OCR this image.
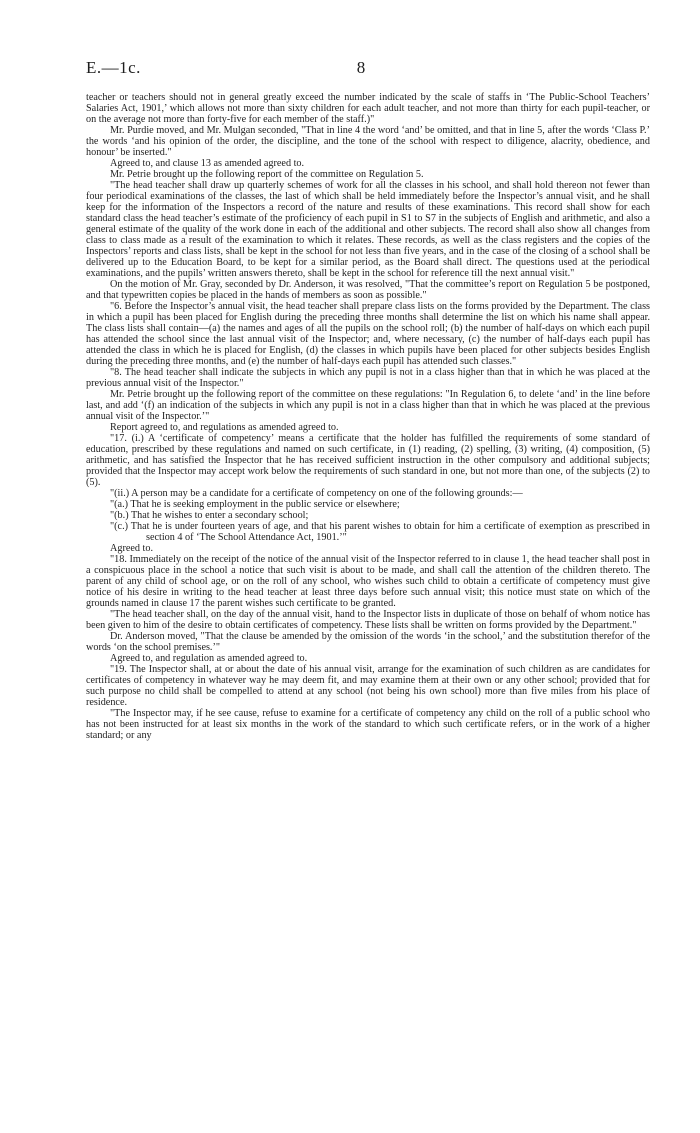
E.—1c.	8

teacher or teachers should not in general greatly exceed the number indicated by the scale of staffs in ‘The Public-School Teachers’ Salaries Act, 1901,’ which allows not more than sixty children for each adult teacher, and not more than thirty for each pupil-teacher, or on the average not more than forty-five for each member of the staff.)"

Mr. Purdie moved, and Mr. Mulgan seconded, "That in line 4 the word ‘and’ be omitted, and that in line 5, after the words ‘Class P.’ the words ‘and his opinion of the order, the discipline, and the tone of the school with respect to diligence, alacrity, obedience, and honour’ be inserted."

Agreed to, and clause 13 as amended agreed to.

Mr. Petrie brought up the following report of the committee on Regulation 5.

"The head teacher shall draw up quarterly schemes of work for all the classes in his school, and shall hold thereon not fewer than four periodical examinations of the classes, the last of which shall be held immediately before the Inspector’s annual visit, and he shall keep for the information of the Inspectors a record of the nature and results of these examinations. This record shall show for each standard class the head teacher’s estimate of the proficiency of each pupil in S1 to S7 in the subjects of English and arithmetic, and also a general estimate of the quality of the work done in each of the additional and other subjects. The record shall also show all changes from class to class made as a result of the examination to which it relates. These records, as well as the class registers and the copies of the Inspectors’ reports and class lists, shall be kept in the school for not less than five years, and in the case of the closing of a school shall be delivered up to the Education Board, to be kept for a similar period, as the Board shall direct. The questions used at the periodical examinations, and the pupils’ written answers thereto, shall be kept in the school for reference till the next annual visit."

On the motion of Mr. Gray, seconded by Dr. Anderson, it was resolved, "That the committee’s report on Regulation 5 be postponed, and that typewritten copies be placed in the hands of members as soon as possible."

"6. Before the Inspector’s annual visit, the head teacher shall prepare class lists on the forms provided by the Department. The class in which a pupil has been placed for English during the preceding three months shall determine the list on which his name shall appear. The class lists shall contain—(a) the names and ages of all the pupils on the school roll; (b) the number of half-days on which each pupil has attended the school since the last annual visit of the Inspector; and, where necessary, (c) the number of half-days each pupil has attended the class in which he is placed for English, (d) the classes in which pupils have been placed for other subjects besides English during the preceding three months, and (e) the number of half-days each pupil has attended such classes."

"8. The head teacher shall indicate the subjects in which any pupil is not in a class higher than that in which he was placed at the previous annual visit of the Inspector."

Mr. Petrie brought up the following report of the committee on these regulations: "In Regulation 6, to delete ‘and’ in the line before last, and add ‘(f) an indication of the subjects in which any pupil is not in a class higher than that in which he was placed at the previous annual visit of the Inspector.’"

Report agreed to, and regulations as amended agreed to.

"17. (i.) A ‘certificate of competency’ means a certificate that the holder has fulfilled the requirements of some standard of education, prescribed by these regulations and named on such certificate, in (1) reading, (2) spelling, (3) writing, (4) composition, (5) arithmetic, and has satisfied the Inspector that he has received sufficient instruction in the other compulsory and additional subjects; provided that the Inspector may accept work below the requirements of such standard in one, but not more than one, of the subjects (2) to (5).

"(ii.) A person may be a candidate for a certificate of competency on one of the following grounds:—

"(a.) That he is seeking employment in the public service or elsewhere;

"(b.) That he wishes to enter a secondary school;

"(c.) That he is under fourteen years of age, and that his parent wishes to obtain for him a certificate of exemption as prescribed in section 4 of ‘The School Attendance Act, 1901.’"

Agreed to.

"18. Immediately on the receipt of the notice of the annual visit of the Inspector referred to in clause 1, the head teacher shall post in a conspicuous place in the school a notice that such visit is about to be made, and shall call the attention of the children thereto. The parent of any child of school age, or on the roll of any school, who wishes such child to obtain a certificate of competency must give notice of his desire in writing to the head teacher at least three days before such annual visit; this notice must state on which of the grounds named in clause 17 the parent wishes such certificate to be granted.

"The head teacher shall, on the day of the annual visit, hand to the Inspector lists in duplicate of those on behalf of whom notice has been given to him of the desire to obtain certificates of competency. These lists shall be written on forms provided by the Department."

Dr. Anderson moved, "That the clause be amended by the omission of the words ‘in the school,’ and the substitution therefor of the words ‘on the school premises.’"

Agreed to, and regulation as amended agreed to.

"19. The Inspector shall, at or about the date of his annual visit, arrange for the examination of such children as are candidates for certificates of competency in whatever way he may deem fit, and may examine them at their own or any other school; provided that for such purpose no child shall be compelled to attend at any school (not being his own school) more than five miles from his place of residence.

"The Inspector may, if he see cause, refuse to examine for a certificate of competency any child on the roll of a public school who has not been instructed for at least six months in the work of the standard to which such certificate refers, or in the work of a higher standard; or any
